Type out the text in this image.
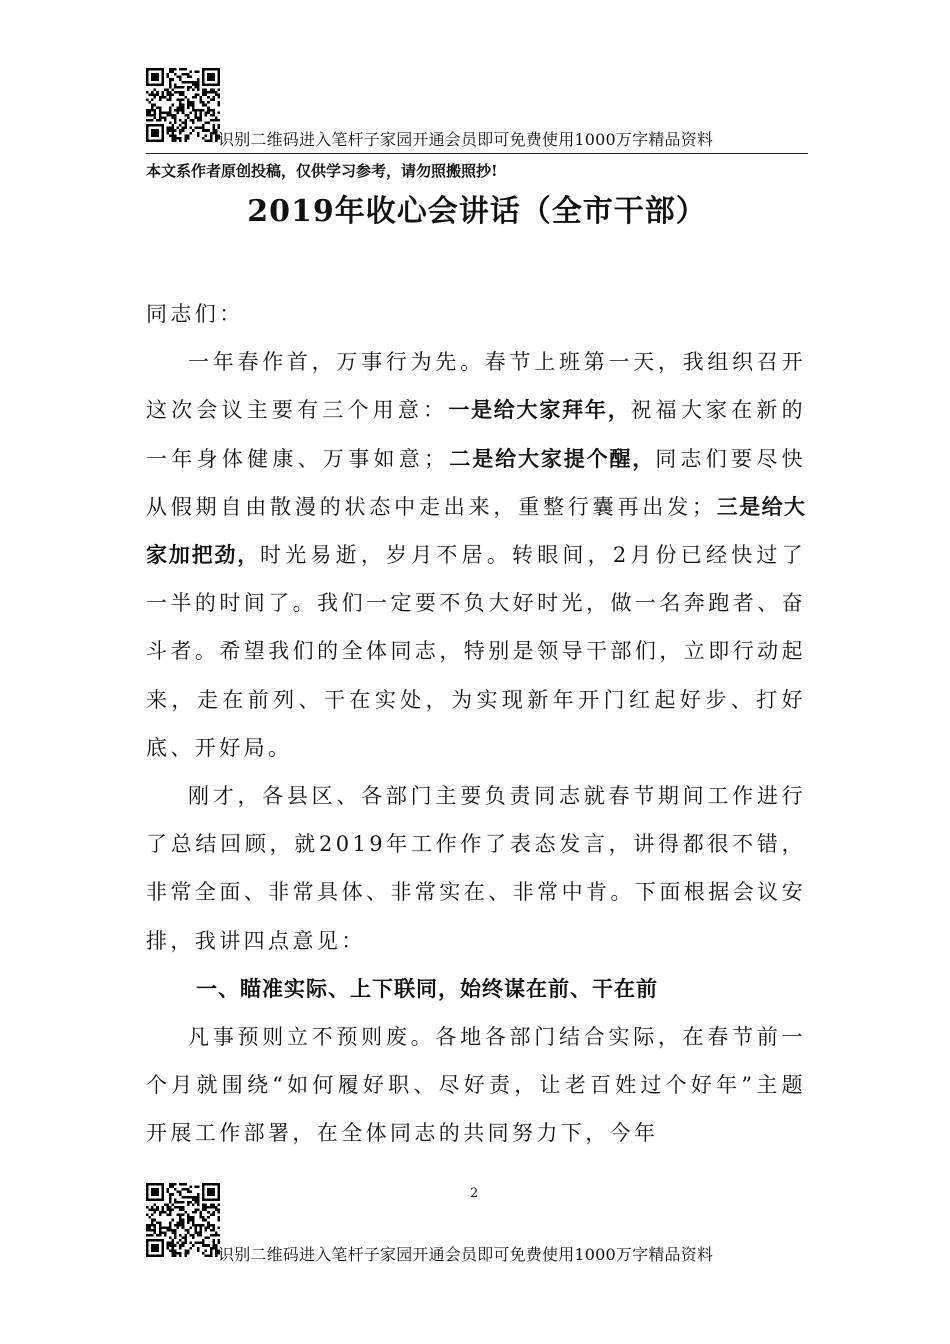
识别二维码进入笔杆子家园开通会员即可免费使用1000万字精品资料
本文系作者原创投稿，仅供学习参考，请勿照搬照抄!
2019年收心会讲话（全市干部）

同志们：

一年春作首，万事行为先。春节上班第一天，我组织召开这次会议主要有三个用意：一是给大家拜年，祝福大家在新的一年身体健康、万事如意；二是给大家提个醒，同志们要尽快从假期自由散漫的状态中走出来，重整行囊再出发；三是给大家加把劲，时光易逝，岁月不居。转眼间，2月份已经快过了一半的时间了。我们一定要不负大好时光，做一名奔跑者、奋斗者。希望我们的全体同志，特别是领导干部们，立即行动起来，走在前列、干在实处，为实现新年开门红起好步、打好底、开好局。

刚才，各县区、各部门主要负责同志就春节期间工作进行了总结回顾，就2019年工作作了表态发言，讲得都很不错，非常全面、非常具体、非常实在、非常中肯。下面根据会议安排，我讲四点意见：

一、瞄准实际、上下联同，始终谋在前、干在前

凡事预则立不预则废。各地各部门结合实际，在春节前一个月就围绕“如何履好职、尽好责，让老百姓过个好年”主题开展工作部署，在全体同志的共同努力下，今年

2
识别二维码进入笔杆子家园开通会员即可免费使用1000万字精品资料
